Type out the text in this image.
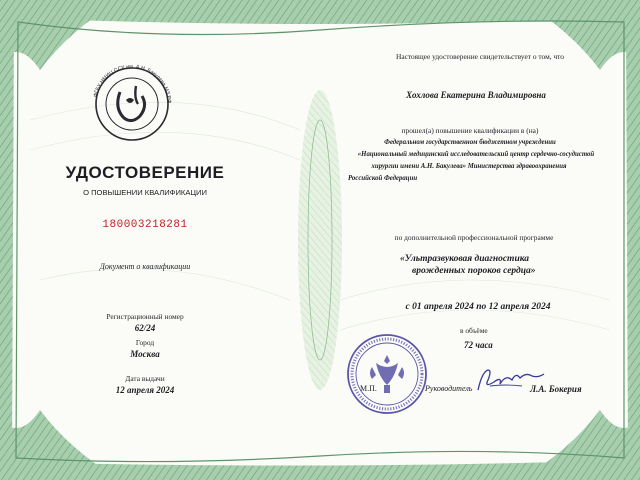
ФГБУ НМИЦ ССХ им. А.Н. Бакулева МЗ РФ
УДОСТОВЕРЕНИЕ
О ПОВЫШЕНИИ КВАЛИФИКАЦИИ
180003218281
Документ о квалификации
Регистрационный номер
62/24
Город
Москва
Дата выдачи
12 апреля 2024
Настоящее удостоверение свидетельствует о том, что
Хохлова Екатерина Владимировна
прошел(а) повышение квалификации в (на)
Федеральном государственном бюджетном учреждении
«Национальный медицинский исследовательский центр сердечно-сосудистой
хирургии имени А.Н. Бакулева» Министерства здравоохранения
Российской Федерации
по дополнительной профессиональной программе
«Ультразвуковая диагностика
врожденных пороков сердца»
с 01 апреля 2024 по 12 апреля 2024
в объёме
72 часа
М.П.	Руководитель	Л.А. Бокерия
